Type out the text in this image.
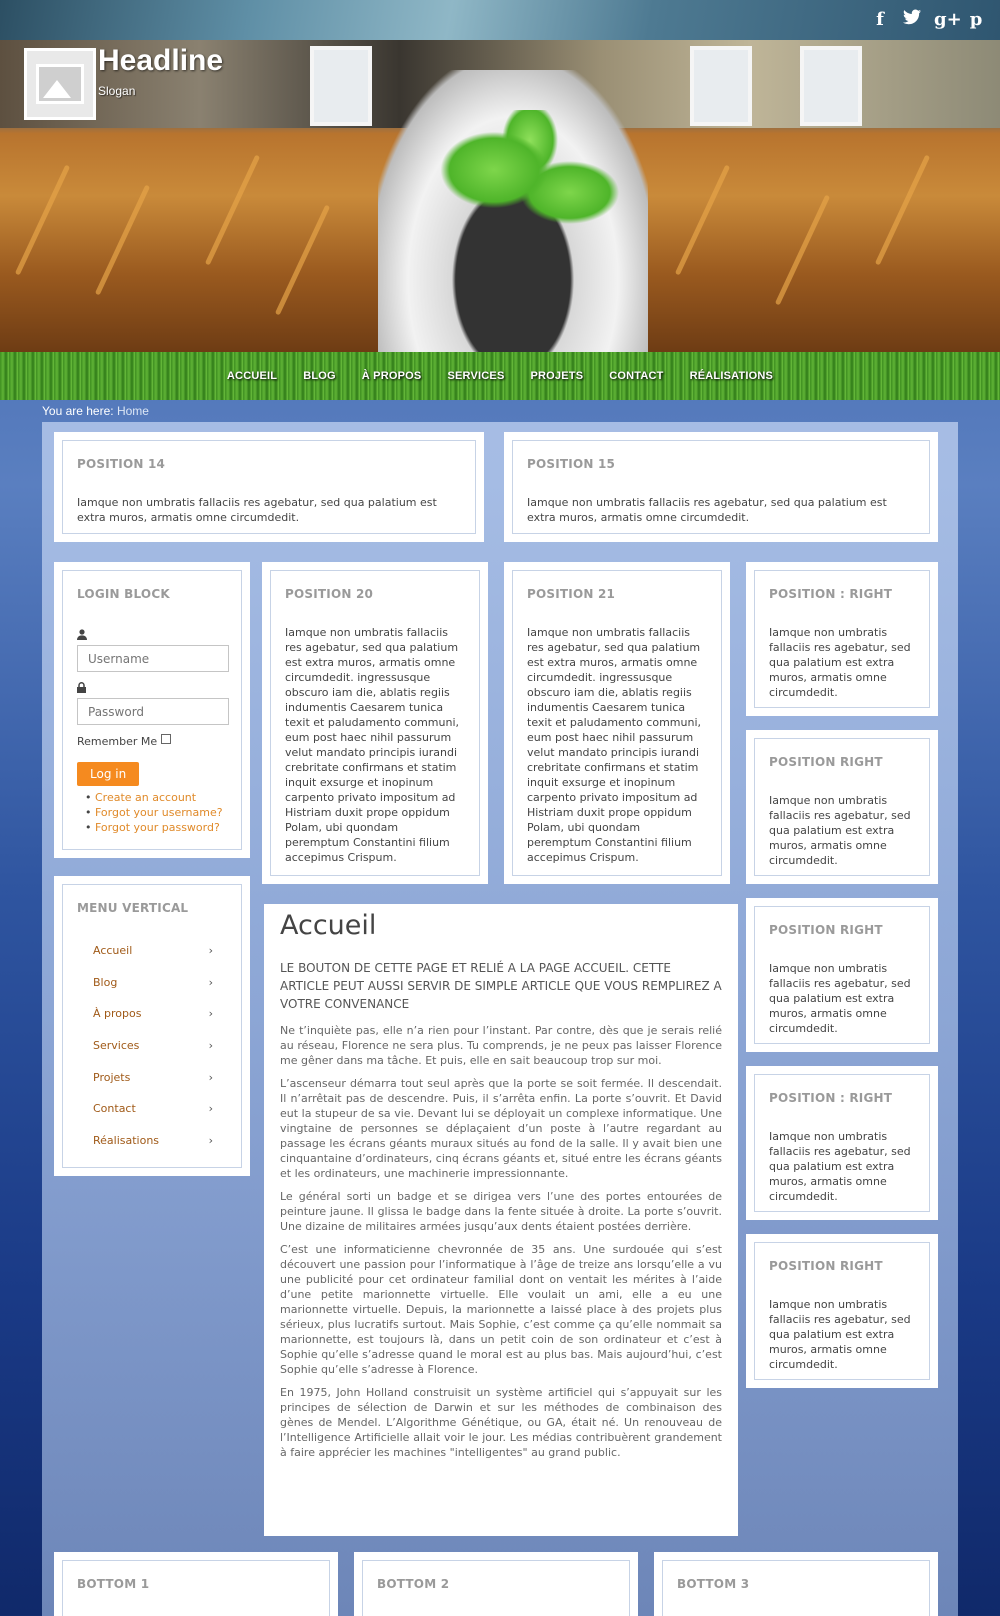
f	g+ p
Headline
Slogan
ACCUEIL	BLOG	À PROPOS	SERVICES	PROJETS	CONTACT	RÉALISATIONS
You are here: Home
POSITION 14
Iamque non umbratis fallaciis res agebatur, sed qua palatium est extra muros, armatis omne circumdedit.
POSITION 15
Iamque non umbratis fallaciis res agebatur, sed qua palatium est extra muros, armatis omne circumdedit.
LOGIN BLOCK
Username
Remember Me
Log in
• Create an account
• Forgot your username?
• Forgot your password?
MENU VERTICAL
Accueil	›
Blog	›
À propos	›
Services	›
Projets	›
Contact	›
Réalisations	›
POSITION 20
Iamque non umbratis fallaciis res agebatur, sed qua palatium est extra muros, armatis omne circumdedit. ingressusque obscuro iam die, ablatis regiis indumentis Caesarem tunica texit et paludamento communi, eum post haec nihil passurum velut mandato principis iurandi crebritate confirmans et statim inquit exsurge et inopinum carpento privato impositum ad Histriam duxit prope oppidum Polam, ubi quondam peremptum Constantini filium accepimus Crispum.
POSITION 21
Iamque non umbratis fallaciis res agebatur, sed qua palatium est extra muros, armatis omne circumdedit. ingressusque obscuro iam die, ablatis regiis indumentis Caesarem tunica texit et paludamento communi, eum post haec nihil passurum velut mandato principis iurandi crebritate confirmans et statim inquit exsurge et inopinum carpento privato impositum ad Histriam duxit prope oppidum Polam, ubi quondam peremptum Constantini filium accepimus Crispum.
POSITION : RIGHT
Iamque non umbratis fallaciis res agebatur, sed qua palatium est extra muros, armatis omne circumdedit.
POSITION RIGHT
Iamque non umbratis fallaciis res agebatur, sed qua palatium est extra muros, armatis omne circumdedit.
POSITION RIGHT
Iamque non umbratis fallaciis res agebatur, sed qua palatium est extra muros, armatis omne circumdedit.
POSITION : RIGHT
Iamque non umbratis fallaciis res agebatur, sed qua palatium est extra muros, armatis omne circumdedit.
POSITION RIGHT
Iamque non umbratis fallaciis res agebatur, sed qua palatium est extra muros, armatis omne circumdedit.
Accueil
LE BOUTON DE CETTE PAGE ET RELIÉ A LA PAGE ACCUEIL. CETTE ARTICLE PEUT AUSSI SERVIR DE SIMPLE ARTICLE QUE VOUS REMPLIREZ A VOTRE CONVENANCE

Ne t’inquiète pas, elle n’a rien pour l’instant. Par contre, dès que je serais relié au réseau, Florence ne sera plus. Tu comprends, je ne peux pas laisser Florence me gêner dans ma tâche. Et puis, elle en sait beaucoup trop sur moi.

L’ascenseur démarra tout seul après que la porte se soit fermée. Il descendait. Il n’arrêtait pas de descendre. Puis, il s’arrêta enfin. La porte s’ouvrit. Et David eut la stupeur de sa vie. Devant lui se déployait un complexe informatique. Une vingtaine de personnes se déplaçaient d’un poste à l’autre regardant au passage les écrans géants muraux situés au fond de la salle. Il y avait bien une cinquantaine d’ordinateurs, cinq écrans géants et, situé entre les écrans géants et les ordinateurs, une machinerie impressionnante.

Le général sorti un badge et se dirigea vers l’une des portes entourées de peinture jaune. Il glissa le badge dans la fente située à droite. La porte s’ouvrit. Une dizaine de militaires armées jusqu’aux dents étaient postées derrière.

C’est une informaticienne chevronnée de 35 ans. Une surdouée qui s’est découvert une passion pour l’informatique à l’âge de treize ans lorsqu’elle a vu une publicité pour cet ordinateur familial dont on ventait les mérites à l’aide d’une petite marionnette virtuelle. Elle voulait un ami, elle a eu une marionnette virtuelle. Depuis, la marionnette a laissé place à des projets plus sérieux, plus lucratifs surtout. Mais Sophie, c’est comme ça qu’elle nommait sa marionnette, est toujours là, dans un petit coin de son ordinateur et c’est à Sophie qu’elle s’adresse quand le moral est au plus bas. Mais aujourd’hui, c’est Sophie qu’elle s’adresse à Florence.

En 1975, John Holland construisit un système artificiel qui s’appuyait sur les principes de sélection de Darwin et sur les méthodes de combinaison des gènes de Mendel. L’Algorithme Génétique, ou GA, était né. Un renouveau de l’Intelligence Artificielle allait voir le jour. Les médias contribuèrent grandement à faire apprécier les machines "intelligentes" au grand public.

BOTTOM 1	BOTTOM 2	BOTTOM 3
